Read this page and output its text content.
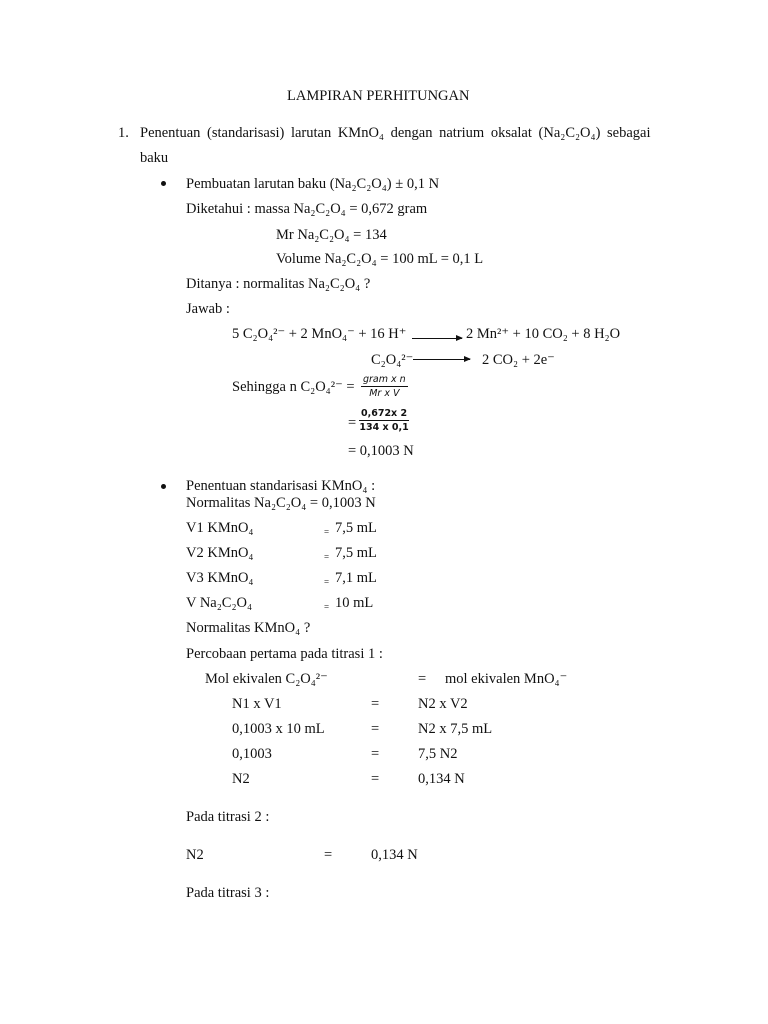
LAMPIRAN PERHITUNGAN
1. Penentuan (standarisasi) larutan KMnO₄ dengan natrium oksalat (Na₂C₂O₄) sebagai
baku
Pembuatan larutan baku (Na₂C₂O₄) ± 0,1 N
Diketahui : massa Na₂C₂O₄ = 0,672 gram
Mr Na₂C₂O₄ = 134
Volume Na₂C₂O₄ = 100 mL = 0,1 L
Ditanya : normalitas Na₂C₂O₄ ?
Jawab :
5 C₂O₄²⁻ + 2 MnO₄⁻ + 16 H⁺ → 2 Mn²⁺ + 10 CO₂ + 8 H₂O
C₂O₄²⁻	2 CO₂ + 2e⁻
Sehingga n C₂O₄²⁻ = gram x n
Mr x V
= $\frac{0,672x 2}{134 x 0,1}$
= 0,1003 N
Penentuan standarisasi KMnO₄ :
Normalitas Na₂C₂O₄ = 0,1003 N
V1 KMnO₄	= 7,5 mL
V2 KMnO₄	= 7,5 mL
V3 KMnO₄	= 7,1 mL
V Na₂C₂O₄	= 10 mL
Normalitas KMnO₄ ?
Percobaan pertama pada titrasi 1 :
Mol ekivalen C₂O₄²⁻	= mol ekivalen MnO₄⁻
N1 x V1	=	N2 x V2
0,1003 x 10 mL	=	N2 x 7,5 mL
0,1003	=	7,5 N2
N2	=	0,134 N
Pada titrasi 2 :
N2	=	0,134 N
Pada titrasi 3 :
